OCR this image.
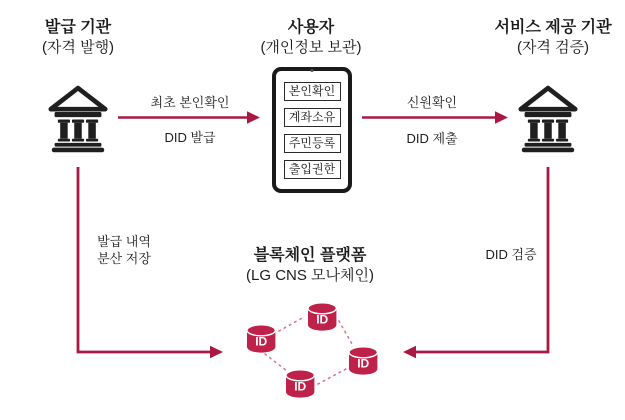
발급 기관
(자격 발행)
사용자
(개인정보 보관)
서비스 제공 기관
(자격 검증)
블록체인 플랫폼
(LG CNS 모나체인)
본인확인
계좌소유
주민등록
출입권한
최초 본인확인
DID 발급
신원확인
DID 제출
발급 내역
분산 저장	DID 검증
ID
ID
ID
ID
